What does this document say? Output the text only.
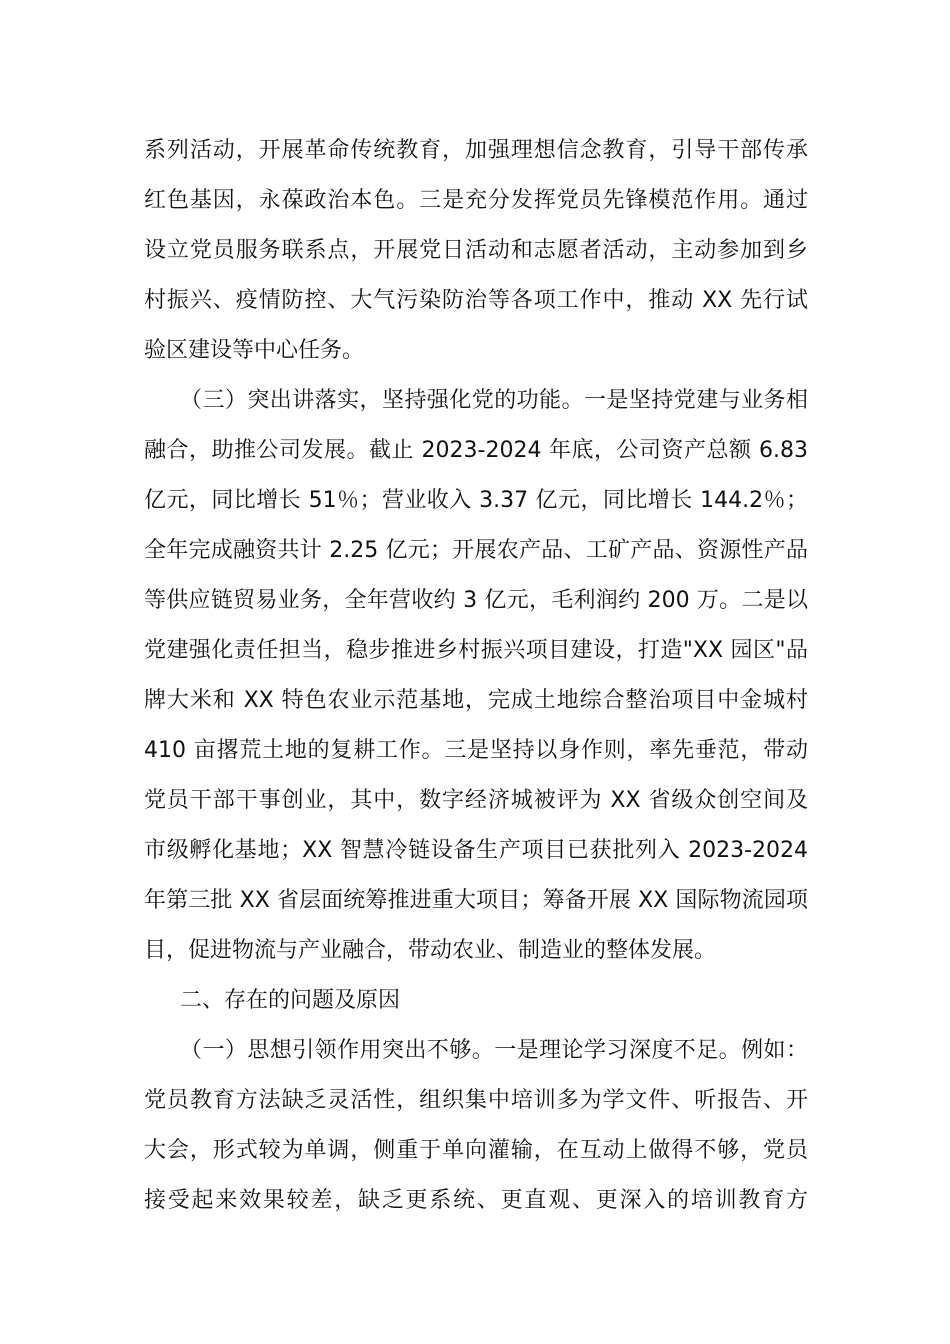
系列活动，开展革命传统教育，加强理想信念教育，引导干部传承
红色基因，永葆政治本色。三是充分发挥党员先锋模范作用。通过
设立党员服务联系点，开展党日活动和志愿者活动，主动参加到乡
村振兴、疫情防控、大气污染防治等各项工作中，推动 XX 先行试
验区建设等中心任务。
（三）突出讲落实，坚持强化党的功能。一是坚持党建与业务相
融合，助推公司发展。截止 2023-2024 年底，公司资产总额 6.83
亿元，同比增长 51％；营业收入 3.37 亿元，同比增长 144.2％；
全年完成融资共计 2.25 亿元；开展农产品、工矿产品、资源性产品
等供应链贸易业务，全年营收约 3 亿元，毛利润约 200 万。二是以
党建强化责任担当，稳步推进乡村振兴项目建设，打造"XX 园区"品
牌大米和 XX 特色农业示范基地，完成土地综合整治项目中金城村
410 亩撂荒土地的复耕工作。三是坚持以身作则，率先垂范，带动
党员干部干事创业，其中，数字经济城被评为 XX 省级众创空间及
市级孵化基地；XX 智慧冷链设备生产项目已获批列入 2023-2024
年第三批 XX 省层面统筹推进重大项目；筹备开展 XX 国际物流园项
目，促进物流与产业融合，带动农业、制造业的整体发展。
二、存在的问题及原因
（一）思想引领作用突出不够。一是理论学习深度不足。例如：
党员教育方法缺乏灵活性，组织集中培训多为学文件、听报告、开
大会，形式较为单调，侧重于单向灌输，在互动上做得不够，党员
接受起来效果较差，缺乏更系统、更直观、更深入的培训教育方
